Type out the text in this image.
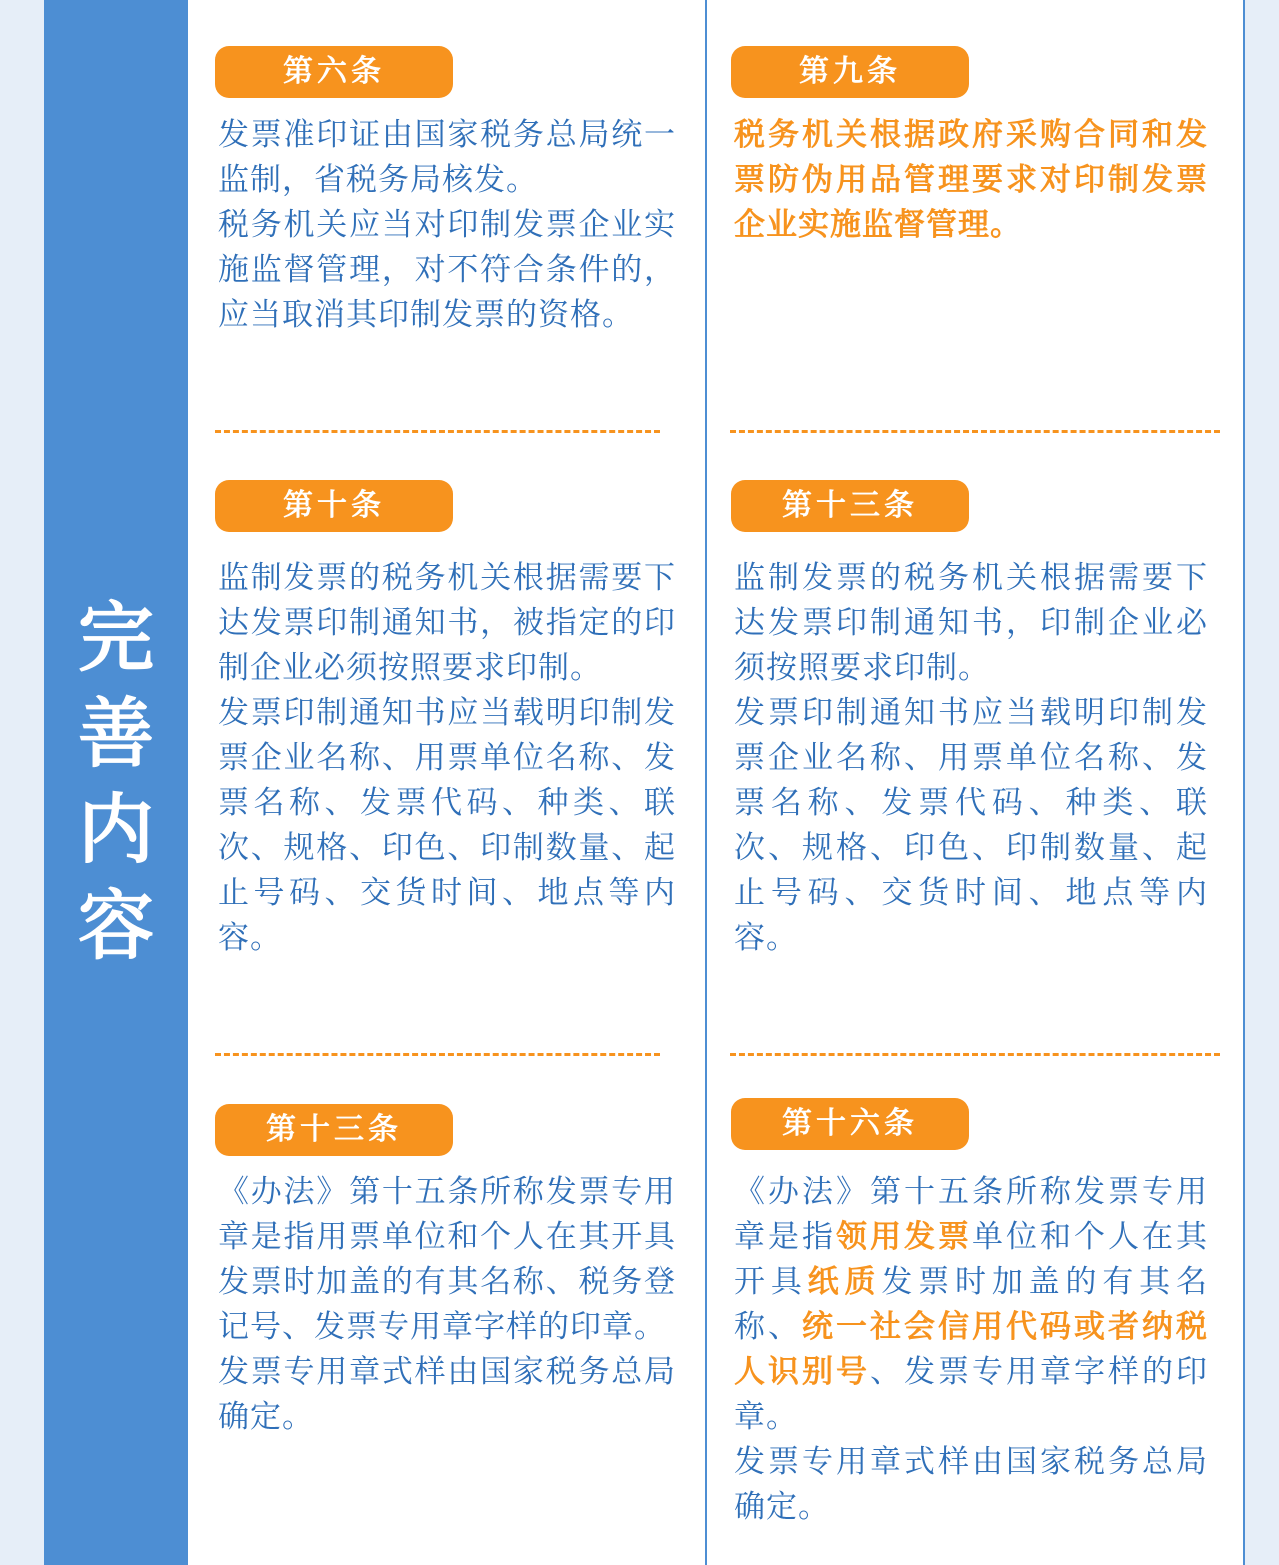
完
善
内
容
第六条

发票准印证由国家税务总局统一监制，省税务局核发。

税务机关应当对印制发票企业实施监督管理，对不符合条件的，应当取消其印制发票的资格。

第九条

税务机关根据政府采购合同和发票防伪用品管理要求对印制发票企业实施监督管理。

第十条

监制发票的税务机关根据需要下达发票印制通知书，被指定的印制企业必须按照要求印制。

发票印制通知书应当载明印制发票企业名称、用票单位名称、发票名称、发票代码、种类、联次、规格、印色、印制数量、起止号码、交货时间、地点等内容。

第十三条

监制发票的税务机关根据需要下达发票印制通知书，印制企业必须按照要求印制。

发票印制通知书应当载明印制发票企业名称、用票单位名称、发票名称、发票代码、种类、联次、规格、印色、印制数量、起止号码、交货时间、地点等内容。

第十三条

《办法》第十五条所称发票专用章是指用票单位和个人在其开具发票时加盖的有其名称、税务登记号、发票专用章字样的印章。

发票专用章式样由国家税务总局确定。

第十六条

《办法》第十五条所称发票专用章是指领用发票单位和个人在其开具纸质发票时加盖的有其名称、统一社会信用代码或者纳税人识别号、发票专用章字样的印章。

发票专用章式样由国家税务总局确定。
